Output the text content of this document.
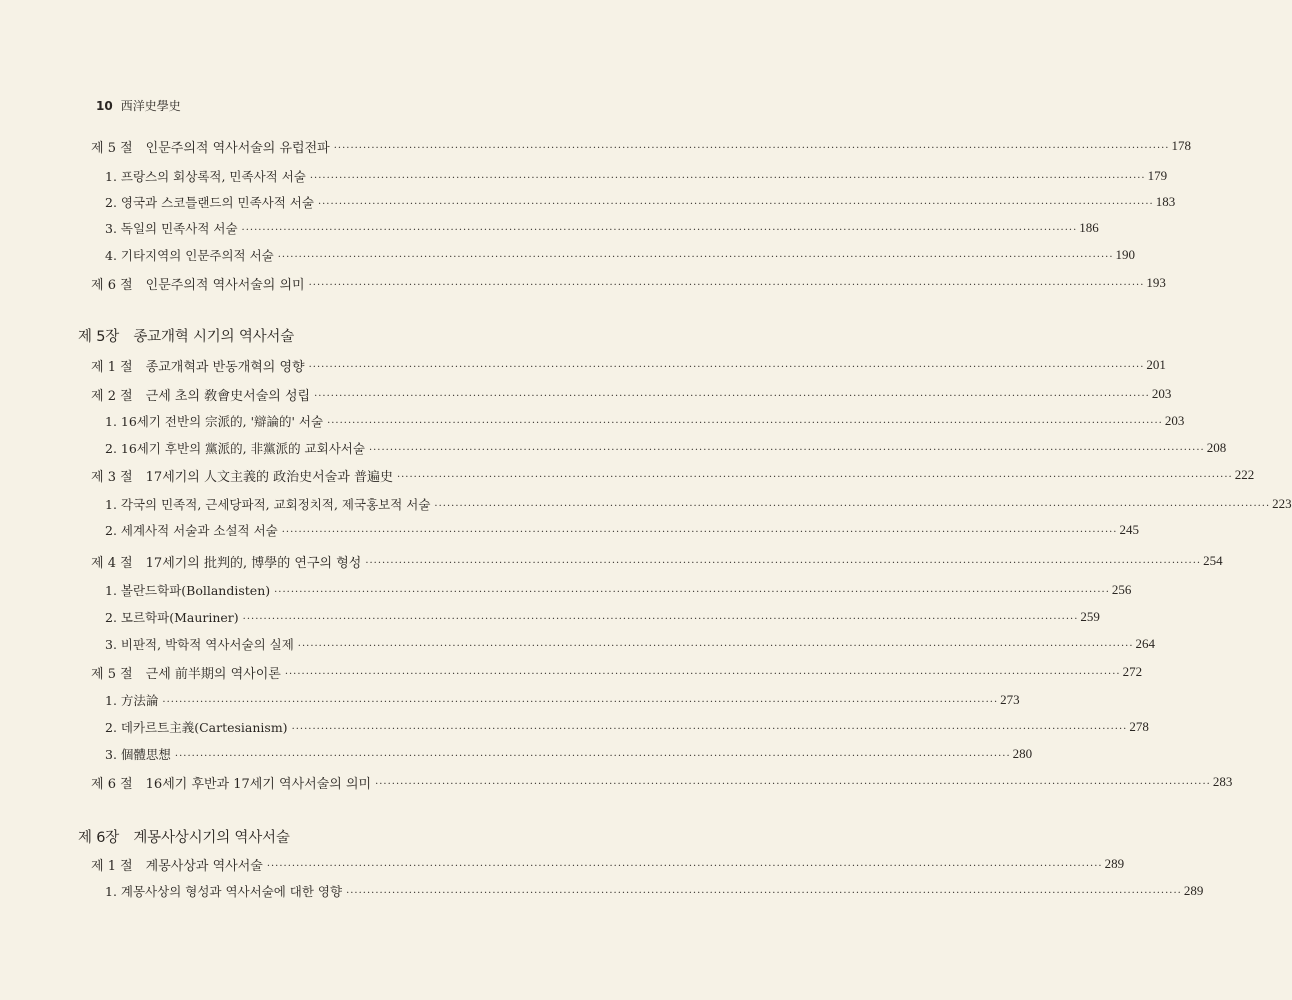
10 西洋史學史
제 5 절　인문주의적 역사서술의 유럽전파 ········································································································································································································ 178
1. 프랑스의 회상록적, 민족사적 서술 ········································································································································································································ 179
2. 영국과 스코틀랜드의 민족사적 서술 ········································································································································································································ 183
3. 독일의 민족사적 서술 ········································································································································································································ 186
4. 기타지역의 인문주의적 서술 ········································································································································································································ 190
제 6 절　인문주의적 역사서술의 의미 ········································································································································································································ 193
제 5장　종교개혁 시기의 역사서술
제 1 절　종교개혁과 반동개혁의 영향 ········································································································································································································ 201
제 2 절　근세 초의 敎會史서술의 성립 ········································································································································································································ 203
1. 16세기 전반의 宗派的, '辯論的' 서술 ········································································································································································································ 203
2. 16세기 후반의 黨派的, 非黨派的 교회사서술 ········································································································································································································ 208
제 3 절　17세기의 人文主義的 政治史서술과 普遍史 ········································································································································································································ 222
1. 각국의 민족적, 근세당파적, 교회정치적, 제국홍보적 서술 ········································································································································································································ 223
2. 세계사적 서술과 소설적 서술 ········································································································································································································ 245
제 4 절　17세기의 批判的, 博學的 연구의 형성 ········································································································································································································ 254
1. 볼란드학파(Bollandisten) ········································································································································································································ 256
2. 모르학파(Mauriner) ········································································································································································································ 259
3. 비판적, 박학적 역사서술의 실제 ········································································································································································································ 264
제 5 절　근세 前半期의 역사이론 ········································································································································································································ 272
1. 方法論 ········································································································································································································ 273
2. 데카르트主義(Cartesianism) ········································································································································································································ 278
3. 個體思想 ········································································································································································································ 280
제 6 절　16세기 후반과 17세기 역사서술의 의미 ········································································································································································································ 283
제 6장　계몽사상시기의 역사서술
제 1 절　계몽사상과 역사서술 ········································································································································································································ 289
1. 계몽사상의 형성과 역사서술에 대한 영향 ········································································································································································································ 289
